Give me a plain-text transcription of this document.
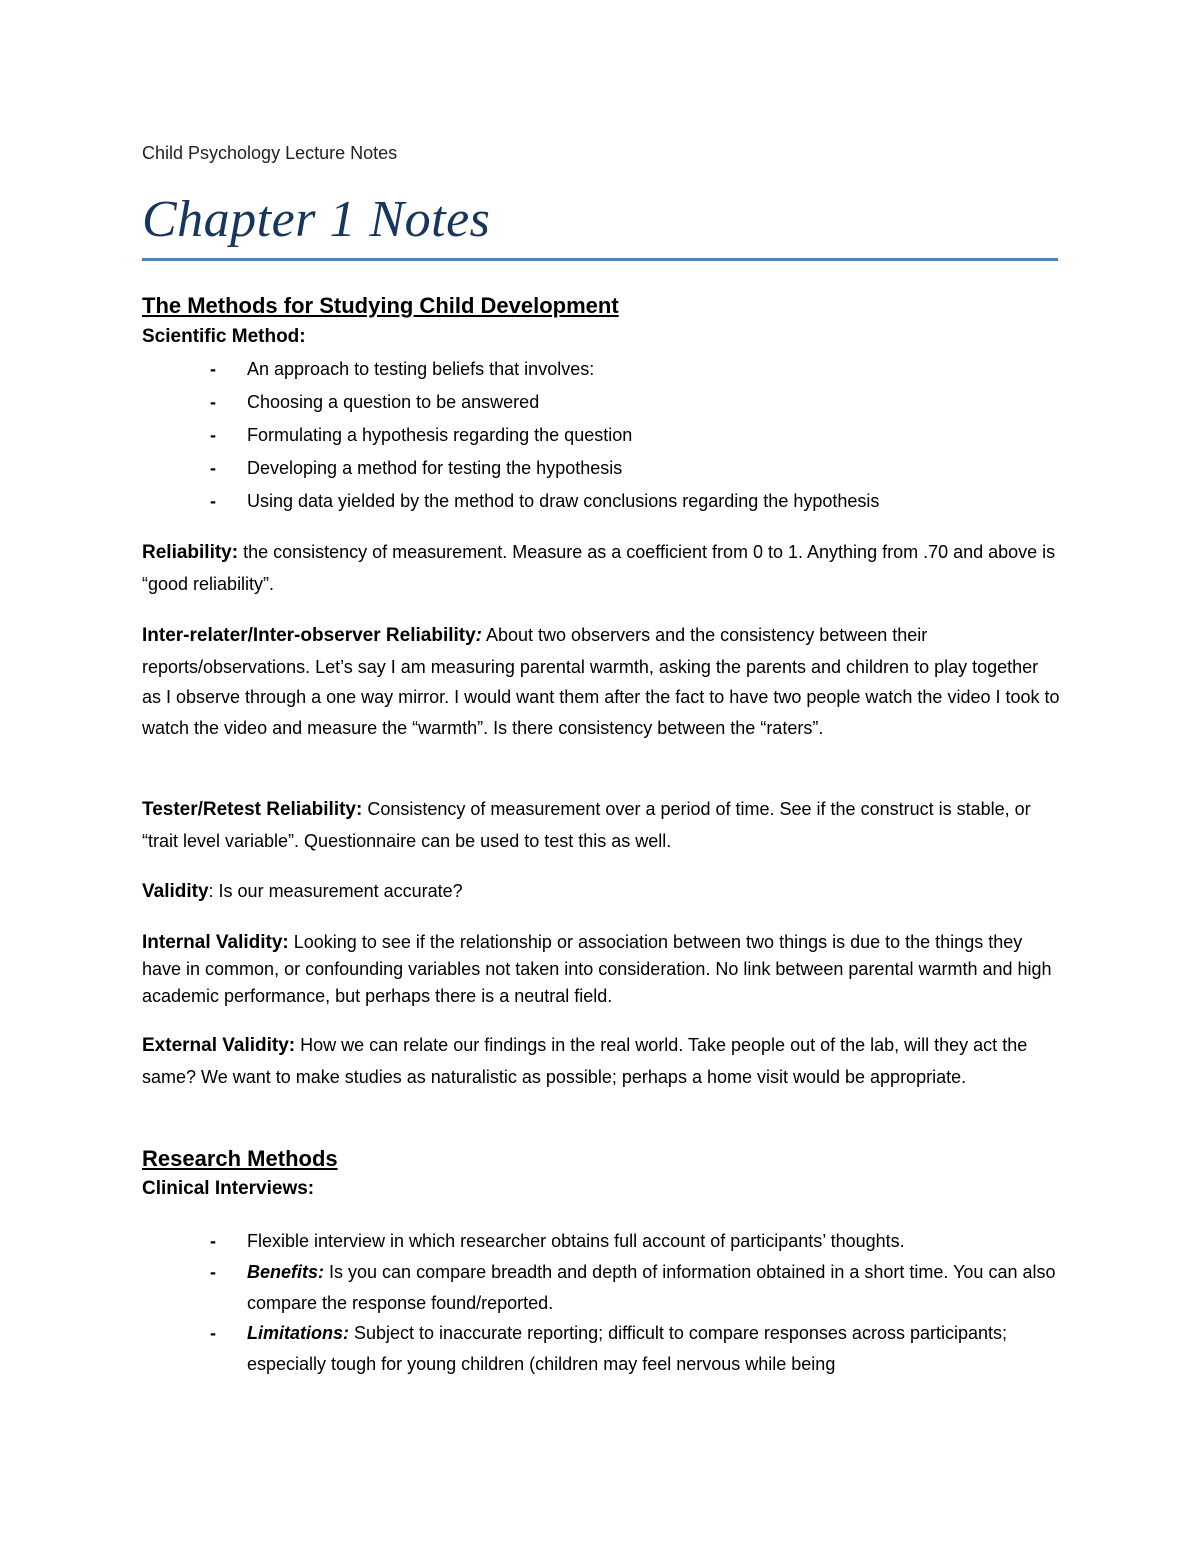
Child Psychology Lecture Notes
Chapter 1 Notes
The Methods for Studying Child Development
Scientific Method:
-	An approach to testing beliefs that involves:
-	Choosing a question to be answered
-	Formulating a hypothesis regarding the question
-	Developing a method for testing the hypothesis
-	Using data yielded by the method to draw conclusions regarding the hypothesis
Reliability: the consistency of measurement. Measure as a coefficient from 0 to 1. Anything from .70 and above is “good reliability”.
Inter-relater/Inter-observer Reliability: About two observers and the consistency between their reports/observations. Let’s say I am measuring parental warmth, asking the parents and children to play together as I observe through a one way mirror. I would want them after the fact to have two people watch the video I took to watch the video and measure the “warmth”. Is there consistency between the “raters”.
Tester/Retest Reliability: Consistency of measurement over a period of time. See if the construct is stable, or “trait level variable”. Questionnaire can be used to test this as well.
Validity: Is our measurement accurate?
Internal Validity: Looking to see if the relationship or association between two things is due to the things they have in common, or confounding variables not taken into consideration. No link between parental warmth and high academic performance, but perhaps there is a neutral field.
External Validity: How we can relate our findings in the real world. Take people out of the lab, will they act the same? We want to make studies as naturalistic as possible; perhaps a home visit would be appropriate.
Research Methods
Clinical Interviews:
- Flexible interview in which researcher obtains full account of participants’ thoughts.
- Benefits: Is you can compare breadth and depth of information obtained in a short time. You can also compare the response found/reported.
- Limitations: Subject to inaccurate reporting; difficult to compare responses across participants; especially tough for young children (children may feel nervous while being
